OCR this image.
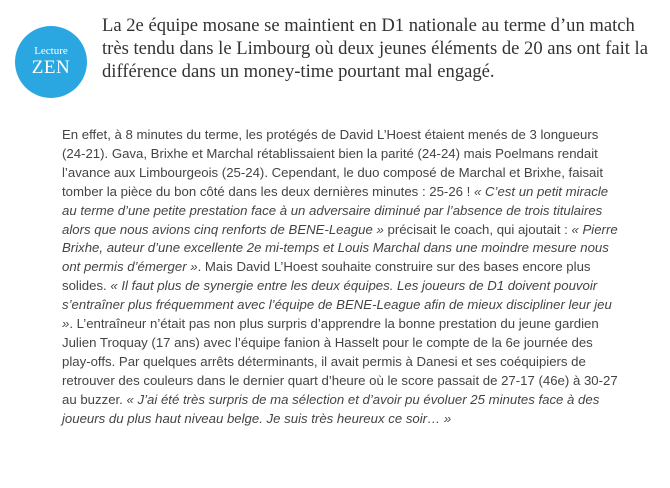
Lecture
ZEN
La 2e équipe mosane se maintient en D1 nationale au terme d’un match très tendu dans le Limbourg où deux jeunes éléments de 20 ans ont fait la différence dans un money-time pourtant mal engagé.

En effet, à 8 minutes du terme, les protégés de David L’Hoest étaient menés de 3 longueurs (24-21). Gava, Brixhe et Marchal rétablissaient bien la parité (24-24) mais Poelmans rendait l’avance aux Limbourgeois (25-24). Cependant, le duo composé de Marchal et Brixhe, faisait tomber la pièce du bon côté dans les deux dernières minutes : 25-26 ! « C’est un petit miracle au terme d’une petite prestation face à un adversaire diminué par l’absence de trois titulaires alors que nous avions cinq renforts de BENE-League » précisait le coach, qui ajoutait : « Pierre Brixhe, auteur d’une excellente 2e mi-temps et Louis Marchal dans une moindre mesure nous ont permis d’émerger ». Mais David L’Hoest souhaite construire sur des bases encore plus solides. « Il faut plus de synergie entre les deux équipes. Les joueurs de D1 doivent pouvoir s’entraîner plus fréquemment avec l’équipe de BENE-League afin de mieux discipliner leur jeu ». L’entraîneur n’était pas non plus surpris d’apprendre la bonne prestation du jeune gardien Julien Troquay (17 ans) avec l’équipe fanion à Hasselt pour le compte de la 6e journée des play-offs. Par quelques arrêts déterminants, il avait permis à Danesi et ses coéquipiers de retrouver des couleurs dans le dernier quart d’heure où le score passait de 27-17 (46e) à 30-27 au buzzer. « J’ai été très surpris de ma sélection et d’avoir pu évoluer 25 minutes face à des joueurs du plus haut niveau belge. Je suis très heureux ce soir… »
